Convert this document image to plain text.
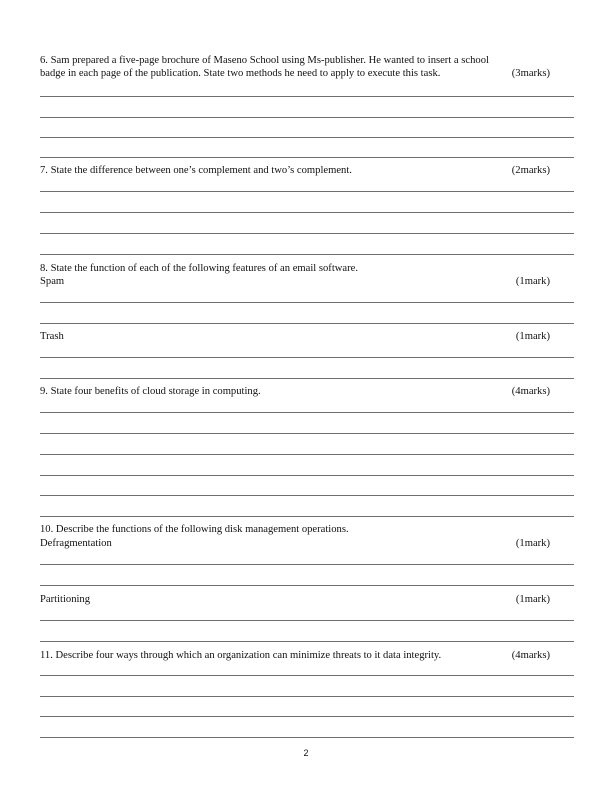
6. Sam prepared a five-page brochure of Maseno School using Ms-publisher. He wanted to insert a school
badge in each page of the publication. State two methods he need to apply to execute this task.	(3marks)
7. State the difference between one’s complement and two’s complement.	(2marks)
8. State the function of each of the following features of an email software.
Spam	(1mark)
Trash	(1mark)
9. State four benefits of cloud storage in computing.	(4marks)
10. Describe the functions of the following disk management operations.
Defragmentation	(1mark)
Partitioning	(1mark)
11. Describe four ways through which an organization can minimize threats to it data integrity.	(4marks)
2
